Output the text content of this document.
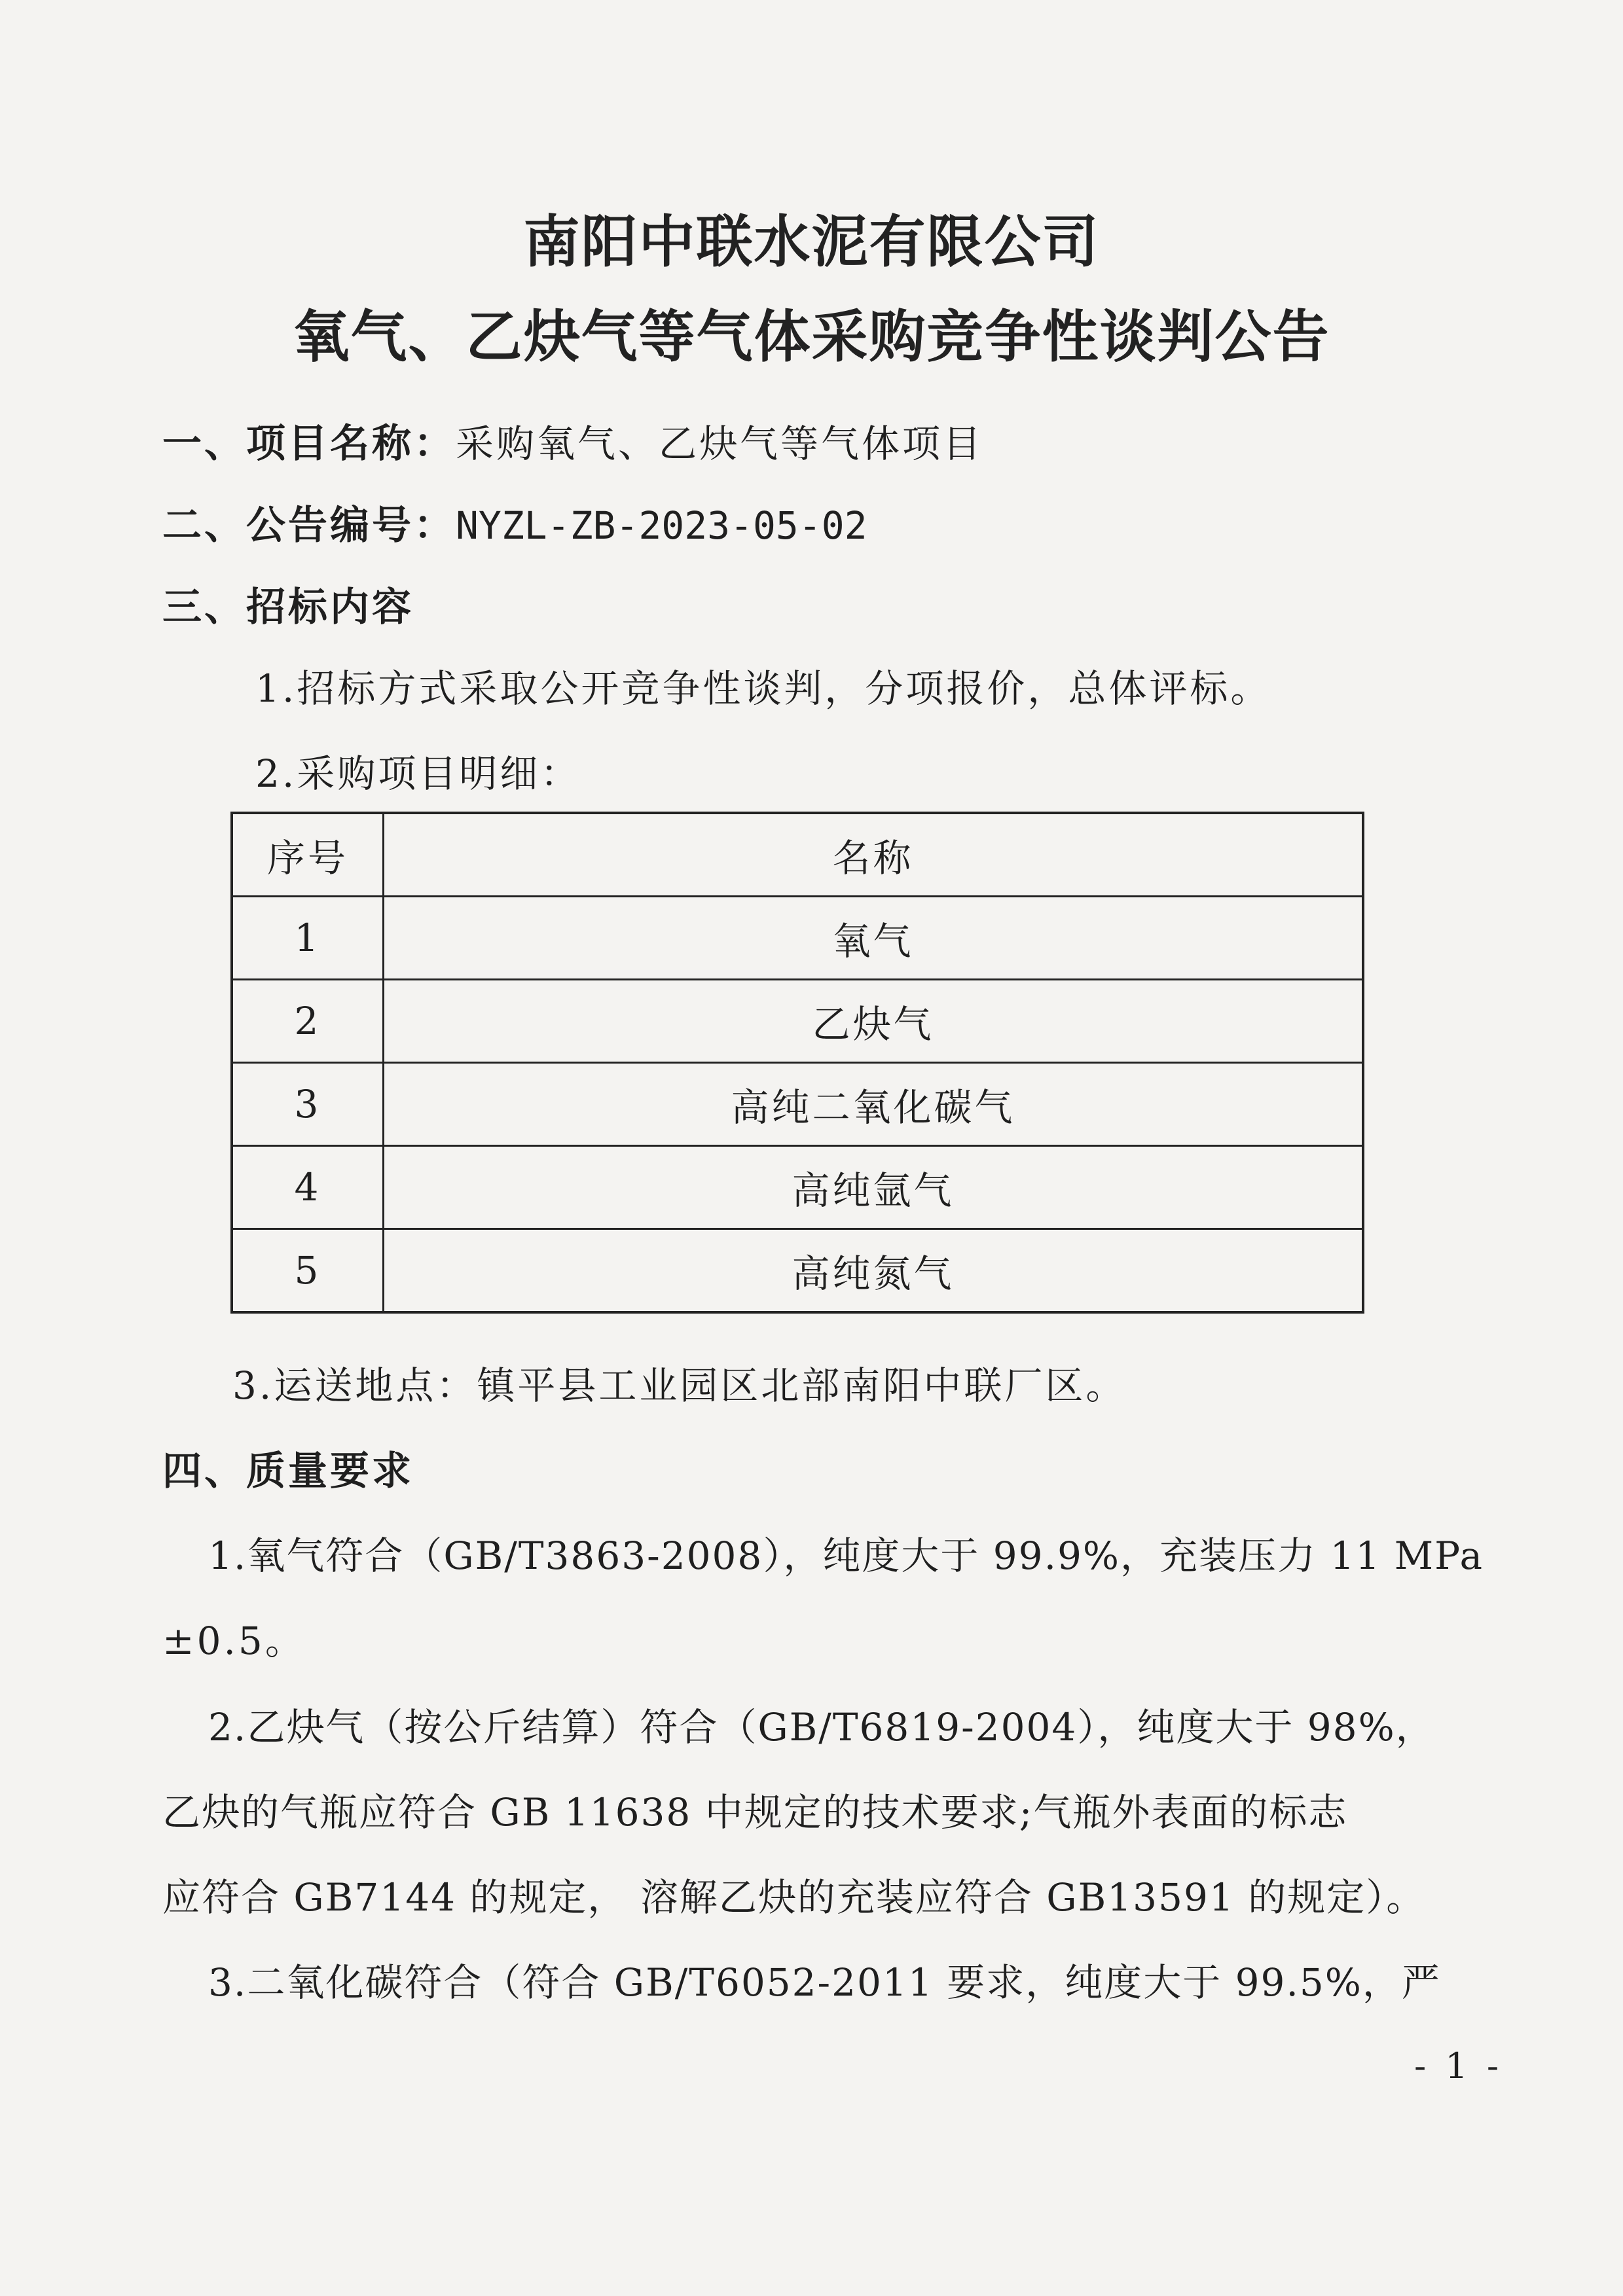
南阳中联水泥有限公司
氧气、乙炔气等气体采购竞争性谈判公告
一、项目名称：采购氧气、乙炔气等气体项目
二、公告编号：NYZL-ZB-2023-05-02
三、招标内容
1.招标方式采取公开竞争性谈判，分项报价，总体评标。
2.采购项目明细：
序号	名称
1	氧气
2	乙炔气
3	高纯二氧化碳气
4	高纯氩气
5	高纯氮气
3.运送地点：镇平县工业园区北部南阳中联厂区。
四、质量要求
1.氧气符合（GB/T3863-2008），纯度大于 99.9%，充装压力 11 MPa
±0.5。
2.乙炔气（按公斤结算）符合（GB/T6819-2004），纯度大于 98%，
乙炔的气瓶应符合 GB 11638 中规定的技术要求;气瓶外表面的标志
应符合 GB7144 的规定， 溶解乙炔的充装应符合 GB13591 的规定）。
3.二氧化碳符合（符合 GB/T6052-2011 要求，纯度大于 99.5%，严
- 1 -
